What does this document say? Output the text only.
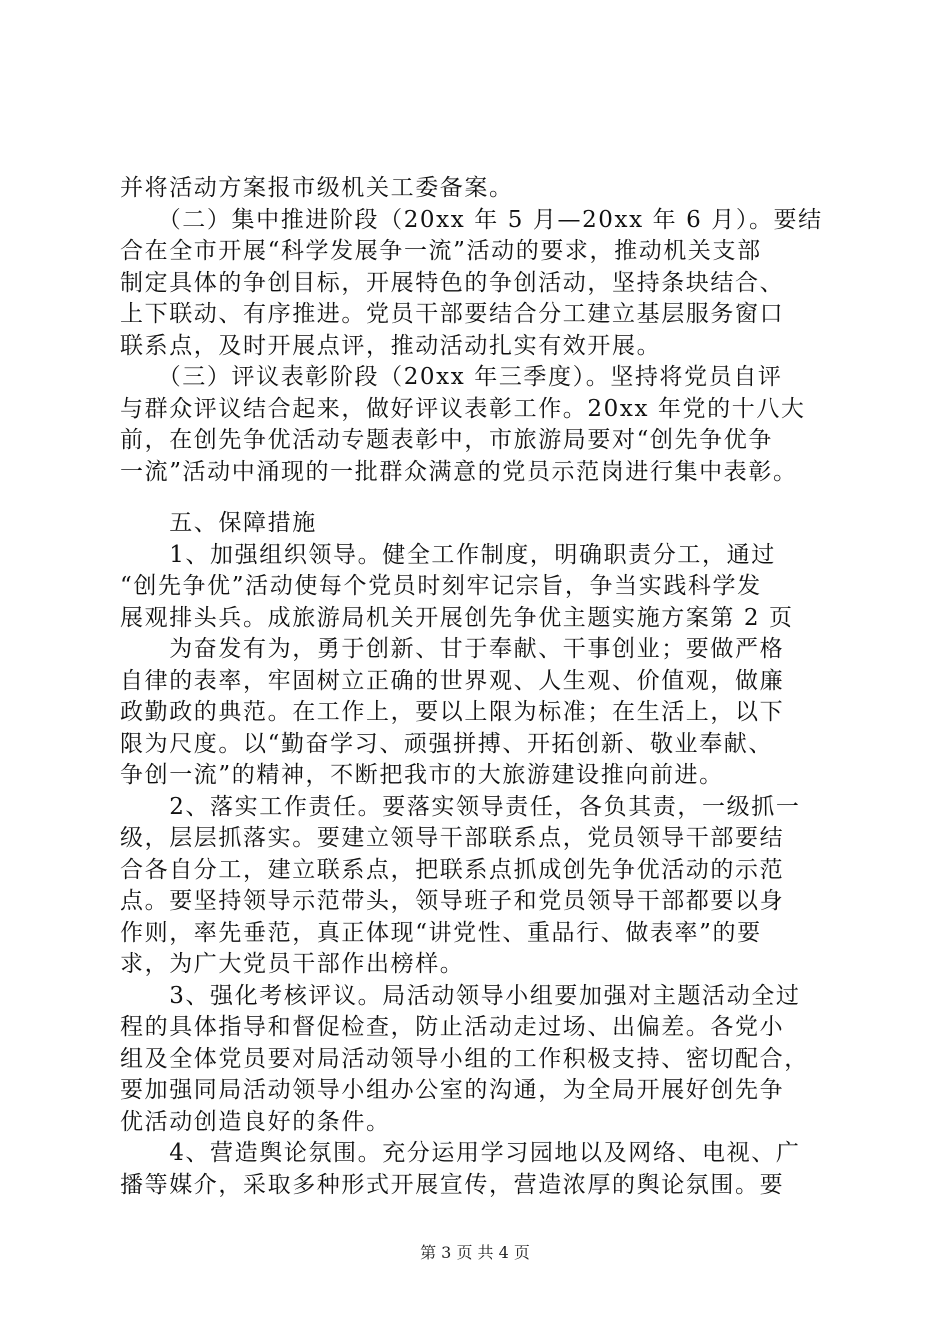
并将活动方案报市级机关工委备案。
　　（二）集中推进阶段（20xx 年 5 月—20xx 年 6 月）。要结
合在全市开展“科学发展争一流”活动的要求，推动机关支部
制定具体的争创目标，开展特色的争创活动，坚持条块结合、
上下联动、有序推进。党员干部要结合分工建立基层服务窗口
联系点，及时开展点评，推动活动扎实有效开展。
　　（三）评议表彰阶段（20xx 年三季度）。坚持将党员自评
与群众评议结合起来，做好评议表彰工作。20xx 年党的十八大
前，在创先争优活动专题表彰中，市旅游局要对“创先争优争
一流”活动中涌现的一批群众满意的党员示范岗进行集中表彰。
　　五、保障措施
　　1、加强组织领导。健全工作制度，明确职责分工，通过
“创先争优”活动使每个党员时刻牢记宗旨，争当实践科学发
展观排头兵。成旅游局机关开展创先争优主题实施方案第 2 页
　　为奋发有为，勇于创新、甘于奉献、干事创业；要做严格
自律的表率，牢固树立正确的世界观、人生观、价值观，做廉
政勤政的典范。在工作上，要以上限为标准；在生活上，以下
限为尺度。以“勤奋学习、顽强拼搏、开拓创新、敬业奉献、
争创一流”的精神，不断把我市的大旅游建设推向前进。
　　2、落实工作责任。要落实领导责任，各负其责，一级抓一
级，层层抓落实。要建立领导干部联系点，党员领导干部要结
合各自分工，建立联系点，把联系点抓成创先争优活动的示范
点。要坚持领导示范带头，领导班子和党员领导干部都要以身
作则，率先垂范，真正体现“讲党性、重品行、做表率”的要
求，为广大党员干部作出榜样。
　　3、强化考核评议。局活动领导小组要加强对主题活动全过
程的具体指导和督促检查，防止活动走过场、出偏差。各党小
组及全体党员要对局活动领导小组的工作积极支持、密切配合，
要加强同局活动领导小组办公室的沟通，为全局开展好创先争
优活动创造良好的条件。
　　4、营造舆论氛围。充分运用学习园地以及网络、电视、广
播等媒介，采取多种形式开展宣传，营造浓厚的舆论氛围。要
第 3 页 共 4 页
